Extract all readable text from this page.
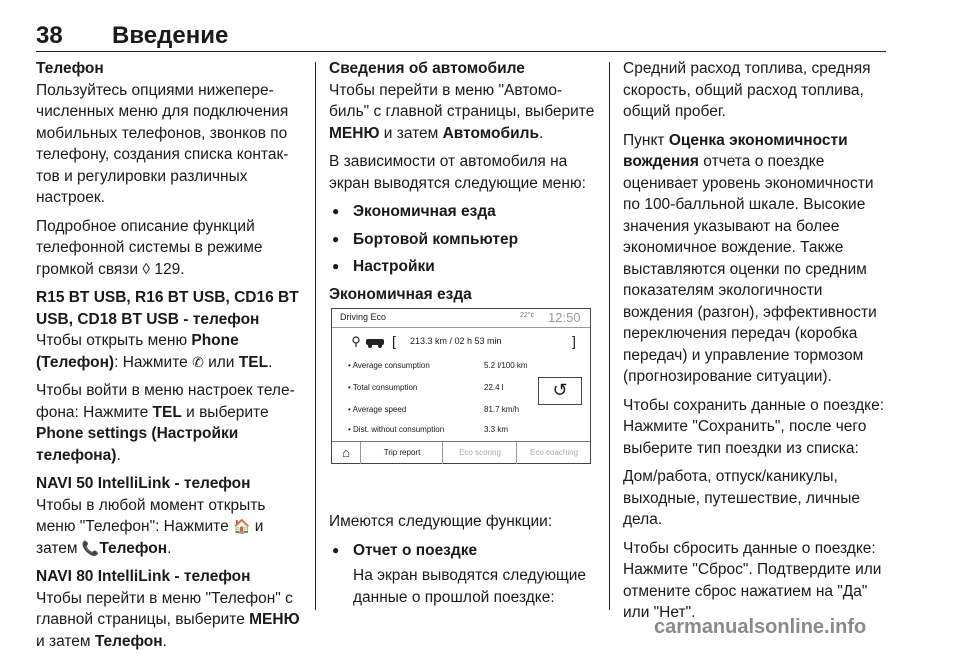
38 Введение
Телефон

Пользуйтесь опциями нижеперечисленных меню для подключения мобильных телефонов, звонков по телефону, создания списка контактов и регулировки различных настроек.

Подробное описание функций телефонной системы в режиме громкой связи ◊ 129.

R15 BT USB, R16 BT USB, CD16 BT USB, CD18 BT USB - телефон

Чтобы открыть меню Phone (Телефон): Нажмите ✆ или TEL.

Чтобы войти в меню настроек телефона: Нажмите TEL и выберите Phone settings (Настройки телефона).

NAVI 50 IntelliLink - телефон

Чтобы в любой момент открыть меню "Телефон": Нажмите 🏠 и затем 📞Телефон.

NAVI 80 IntelliLink - телефон

Чтобы перейти в меню "Телефон" с главной страницы, выберите МЕНЮ и затем Телефон.

Сведения об автомобиле

Чтобы перейти в меню "Автомобиль" с главной страницы, выберите МЕНЮ и затем Автомобиль.

В зависимости от автомобиля на экран выводятся следующие меню:

● Экономичная езда
● Бортовой компьютер
● Настройки
Экономичная езда

Имеются следующие функции:

● Отчет о поездке
На экран выводятся следующие данные о прошлой поездке:
Driving Eco	22°c 12:50
[ 213.3 km / 02 h 53 min	]
• Average consumption	5.2 l/100 km
• Total consumption	22.4 l
• Average speed	81.7 km/h
• Dist. without consumption	3.3 km
↺
⌂	Trip report	Eco scoring	Eco coaching

Средний расход топлива, средняя скорость, общий расход топлива, общий пробег.

Пункт Оценка экономичности вождения отчета о поездке оценивает уровень экономичности по 100-балльной шкале. Высокие значения указывают на более экономичное вождение. Также выставляются оценки по средним показателям экологичности вождения (разгон), эффективности переключения передач (коробка передач) и управление тормозом (прогнозирование ситуации).

Чтобы сохранить данные о поездке: Нажмите "Сохранить", после чего выберите тип поездки из списка:

Дом/работа, отпуск/каникулы, выходные, путешествие, личные дела.

Чтобы сбросить данные о поездке: Нажмите "Сброс". Подтвердите или отмените сброс нажатием на "Да" или "Нет".

carmanualsonline.info
